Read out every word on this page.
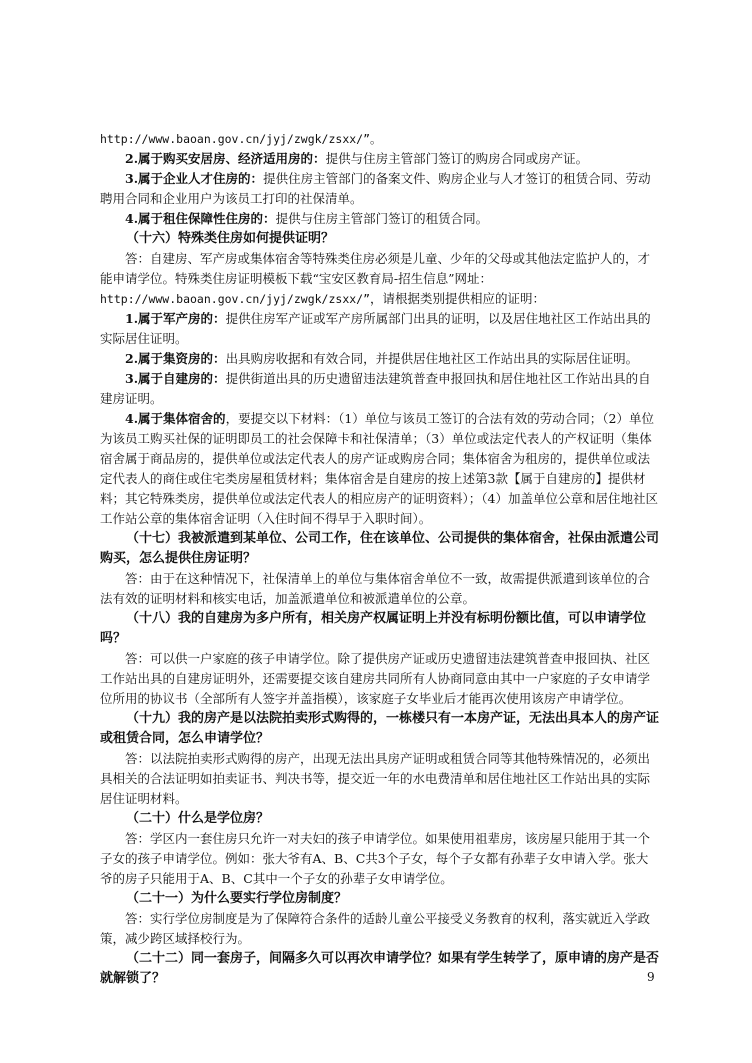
http://www.baoan.gov.cn/jyj/zwgk/zsxx/”。

2.属于购买安居房、经济适用房的：提供与住房主管部门签订的购房合同或房产证。

3.属于企业人才住房的：提供住房主管部门的备案文件、购房企业与人才签订的租赁合同、劳动聘用合同和企业用户为该员工打印的社保清单。

4.属于租住保障性住房的：提供与住房主管部门签订的租赁合同。

（十六）特殊类住房如何提供证明？

答：自建房、军产房或集体宿舍等特殊类住房必须是儿童、少年的父母或其他法定监护人的，才能申请学位。特殊类住房证明模板下载“宝安区教育局-招生信息”网址：http://www.baoan.gov.cn/jyj/zwgk/zsxx/”，请根据类别提供相应的证明：

1.属于军产房的：提供住房军产证或军产房所属部门出具的证明，以及居住地社区工作站出具的实际居住证明。

2.属于集资房的：出具购房收据和有效合同，并提供居住地社区工作站出具的实际居住证明。

3.属于自建房的：提供街道出具的历史遗留违法建筑普查申报回执和居住地社区工作站出具的自建房证明。

4.属于集体宿舍的，要提交以下材料：（1）单位与该员工签订的合法有效的劳动合同；（2）单位为该员工购买社保的证明即员工的社会保障卡和社保清单；（3）单位或法定代表人的产权证明（集体宿舍属于商品房的，提供单位或法定代表人的房产证或购房合同；集体宿舍为租房的，提供单位或法定代表人的商住或住宅类房屋租赁材料；集体宿舍是自建房的按上述第3款【属于自建房的】提供材料；其它特殊类房，提供单位或法定代表人的相应房产的证明资料）；（4）加盖单位公章和居住地社区工作站公章的集体宿舍证明（入住时间不得早于入职时间）。

（十七）我被派遣到某单位、公司工作，住在该单位、公司提供的集体宿舍，社保由派遣公司购买，怎么提供住房证明？

答：由于在这种情况下，社保清单上的单位与集体宿舍单位不一致，故需提供派遣到该单位的合法有效的证明材料和核实电话，加盖派遣单位和被派遣单位的公章。

（十八）我的自建房为多户所有，相关房产权属证明上并没有标明份额比值，可以申请学位吗？

答：可以供一户家庭的孩子申请学位。除了提供房产证或历史遗留违法建筑普查申报回执、社区工作站出具的自建房证明外，还需要提交该自建房共同所有人协商同意由其中一户家庭的子女申请学位所用的协议书（全部所有人签字并盖指模），该家庭子女毕业后才能再次使用该房产申请学位。

（十九）我的房产是以法院拍卖形式购得的，一栋楼只有一本房产证，无法出具本人的房产证或租赁合同，怎么申请学位？

答：以法院拍卖形式购得的房产，出现无法出具房产证明或租赁合同等其他特殊情况的，必须出具相关的合法证明如拍卖证书、判决书等，提交近一年的水电费清单和居住地社区工作站出具的实际居住证明材料。

（二十）什么是学位房？

答：学区内一套住房只允许一对夫妇的孩子申请学位。如果使用祖辈房，该房屋只能用于其一个子女的孩子申请学位。例如：张大爷有A、B、C共3个子女，每个子女都有孙辈子女申请入学。张大爷的房子只能用于A、B、C其中一个子女的孙辈子女申请学位。

（二十一）为什么要实行学位房制度？

答：实行学位房制度是为了保障符合条件的适龄儿童公平接受义务教育的权利，落实就近入学政策，减少跨区域择校行为。

（二十二）同一套房子，间隔多久可以再次申请学位？如果有学生转学了，原申请的房产是否就解锁了？	9
